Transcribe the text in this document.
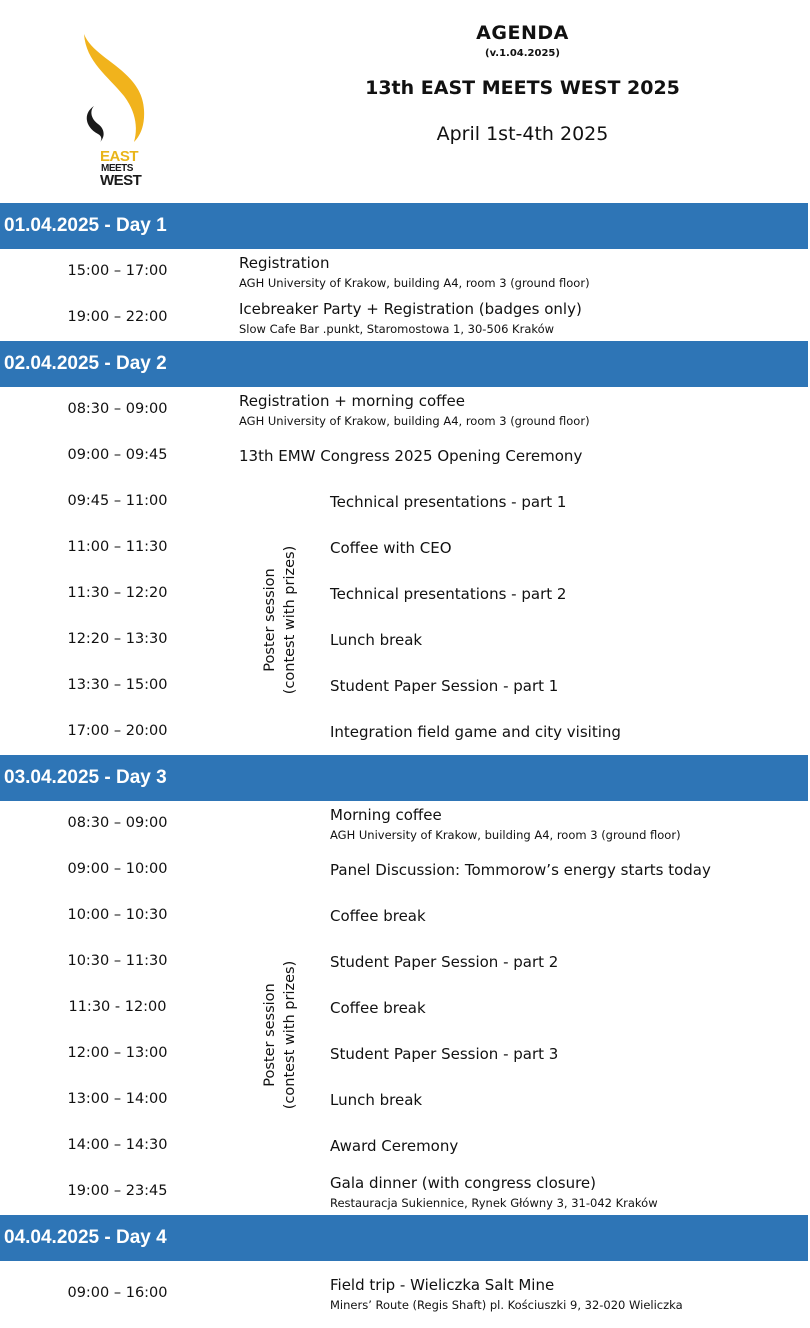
EAST
MEETS
WEST
AGENDA
(v.1.04.2025)
13th EAST MEETS WEST 2025
April 1st-4th 2025
01.04.2025 - Day 1
15:00 – 17:00	Registration
AGH University of Krakow, building A4, room 3 (ground floor)
19:00 – 22:00	Icebreaker Party + Registration (badges only)
Slow Cafe Bar .punkt, Staromostowa 1, 30-506 Kraków
02.04.2025 - Day 2
08:30 – 09:00	Registration + morning coffee
AGH University of Krakow, building A4, room 3 (ground floor)
09:00 – 09:45	13th EMW Congress 2025 Opening Ceremony
09:45 – 11:00	Technical presentations - part 1
11:00 – 11:30	Coffee with CEO
11:30 – 12:20	Technical presentations - part 2
12:20 – 13:30	Lunch break
13:30 – 15:00	Student Paper Session - part 1
17:00 – 20:00	Integration field game and city visiting
Poster session (contest with prizes)
03.04.2025 - Day 3
08:30 – 09:00	Morning coffee
AGH University of Krakow, building A4, room 3 (ground floor)
09:00 – 10:00	Panel Discussion: Tommorow’s energy starts today
10:00 – 10:30	Coffee break
10:30 – 11:30	Student Paper Session - part 2
11:30 - 12:00	Coffee break
12:00 – 13:00	Student Paper Session - part 3
13:00 – 14:00	Lunch break
14:00 – 14:30	Award Ceremony
19:00 – 23:45	Gala dinner (with congress closure)
Restauracja Sukiennice, Rynek Główny 3, 31-042 Kraków
Poster session (contest with prizes)
04.04.2025 - Day 4
09:00 – 16:00	Field trip - Wieliczka Salt Mine
Miners’ Route (Regis Shaft) pl. Kościuszki 9, 32-020 Wieliczka
